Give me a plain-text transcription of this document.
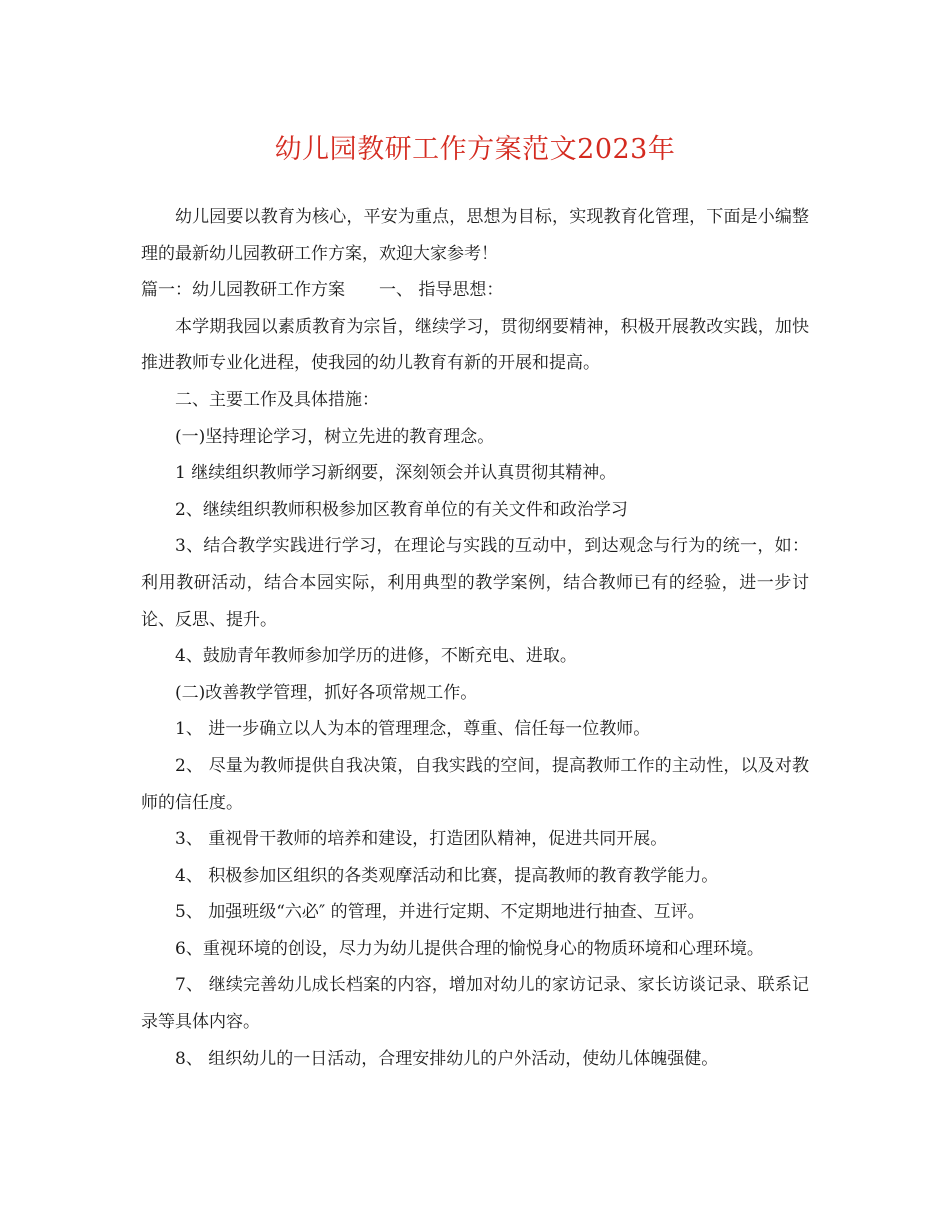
幼儿园教研工作方案范文2023年

幼儿园要以教育为核心，平安为重点，思想为目标，实现教育化管理，下面是小编整理的最新幼儿园教研工作方案，欢迎大家参考！

篇一：幼儿园教研工作方案 一、 指导思想：

本学期我园以素质教育为宗旨，继续学习，贯彻纲要精神，积极开展教改实践，加快推进教师专业化进程，使我园的幼儿教育有新的开展和提高。

二、主要工作及具体措施：

(一)坚持理论学习，树立先进的教育理念。

1 继续组织教师学习新纲要，深刻领会并认真贯彻其精神。

2、继续组织教师积极参加区教育单位的有关文件和政治学习

3、结合教学实践进行学习，在理论与实践的互动中，到达观念与行为的统一，如：利用教研活动，结合本园实际，利用典型的教学案例，结合教师已有的经验，进一步讨论、反思、提升。

4、鼓励青年教师参加学历的进修，不断充电、进取。

(二)改善教学管理，抓好各项常规工作。

1、 进一步确立以人为本的管理理念，尊重、信任每一位教师。

2、 尽量为教师提供自我决策，自我实践的空间，提高教师工作的主动性，以及对教师的信任度。

3、 重视骨干教师的培养和建设，打造团队精神，促进共同开展。

4、 积极参加区组织的各类观摩活动和比赛，提高教师的教育教学能力。

5、 加强班级“六必″ 的管理，并进行定期、不定期地进行抽查、互评。

6、重视环境的创设，尽力为幼儿提供合理的愉悦身心的物质环境和心理环境。

7、 继续完善幼儿成长档案的内容，增加对幼儿的家访记录、家长访谈记录、联系记录等具体内容。

8、 组织幼儿的一日活动，合理安排幼儿的户外活动，使幼儿体魄强健。
